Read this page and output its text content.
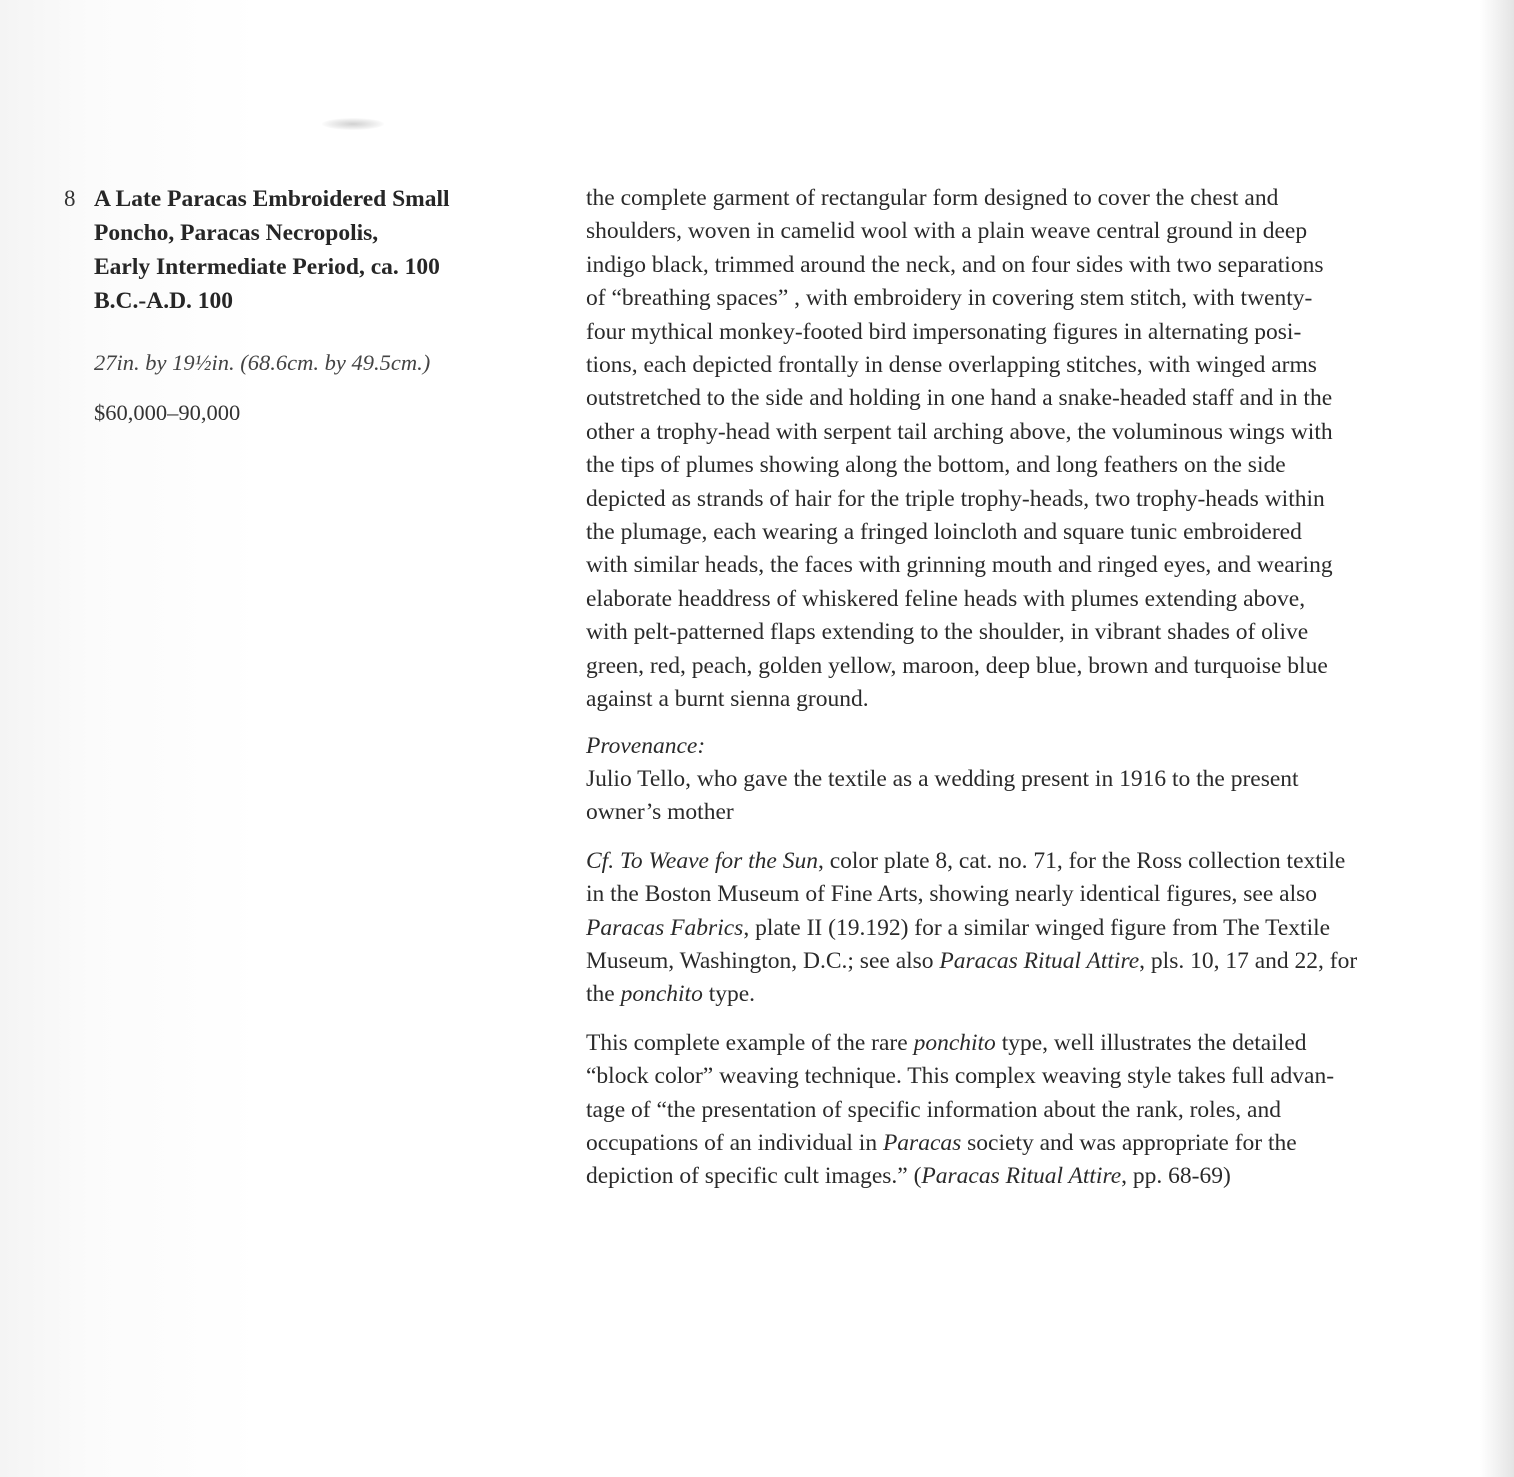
8 A Late Paracas Embroidered Small
Poncho, Paracas Necropolis,
Early Intermediate Period, ca. 100
B.C.-A.D. 100

27in. by 19½in. (68.6cm. by 49.5cm.)

$60,000–90,000

the complete garment of rectangular form designed to cover the chest and
shoulders, woven in camelid wool with a plain weave central ground in deep
indigo black, trimmed around the neck, and on four sides with two separations
of “breathing spaces” , with embroidery in covering stem stitch, with twenty-
four mythical monkey-footed bird impersonating figures in alternating posi-
tions, each depicted frontally in dense overlapping stitches, with winged arms
outstretched to the side and holding in one hand a snake-headed staff and in the
other a trophy-head with serpent tail arching above, the voluminous wings with
the tips of plumes showing along the bottom, and long feathers on the side
depicted as strands of hair for the triple trophy-heads, two trophy-heads within
the plumage, each wearing a fringed loincloth and square tunic embroidered
with similar heads, the faces with grinning mouth and ringed eyes, and wearing
elaborate headdress of whiskered feline heads with plumes extending above,
with pelt-patterned flaps extending to the shoulder, in vibrant shades of olive
green, red, peach, golden yellow, maroon, deep blue, brown and turquoise blue
against a burnt sienna ground.

Provenance:

Julio Tello, who gave the textile as a wedding present in 1916 to the present
owner’s mother

Cf. To Weave for the Sun, color plate 8, cat. no. 71, for the Ross collection textile
in the Boston Museum of Fine Arts, showing nearly identical figures, see also
Paracas Fabrics, plate II (19.192) for a similar winged figure from The Textile
Museum, Washington, D.C.; see also Paracas Ritual Attire, pls. 10, 17 and 22, for
the ponchito type.

This complete example of the rare ponchito type, well illustrates the detailed
“block color” weaving technique. This complex weaving style takes full advan-
tage of “the presentation of specific information about the rank, roles, and
occupations of an individual in Paracas society and was appropriate for the
depiction of specific cult images.” (Paracas Ritual Attire, pp. 68-69)
